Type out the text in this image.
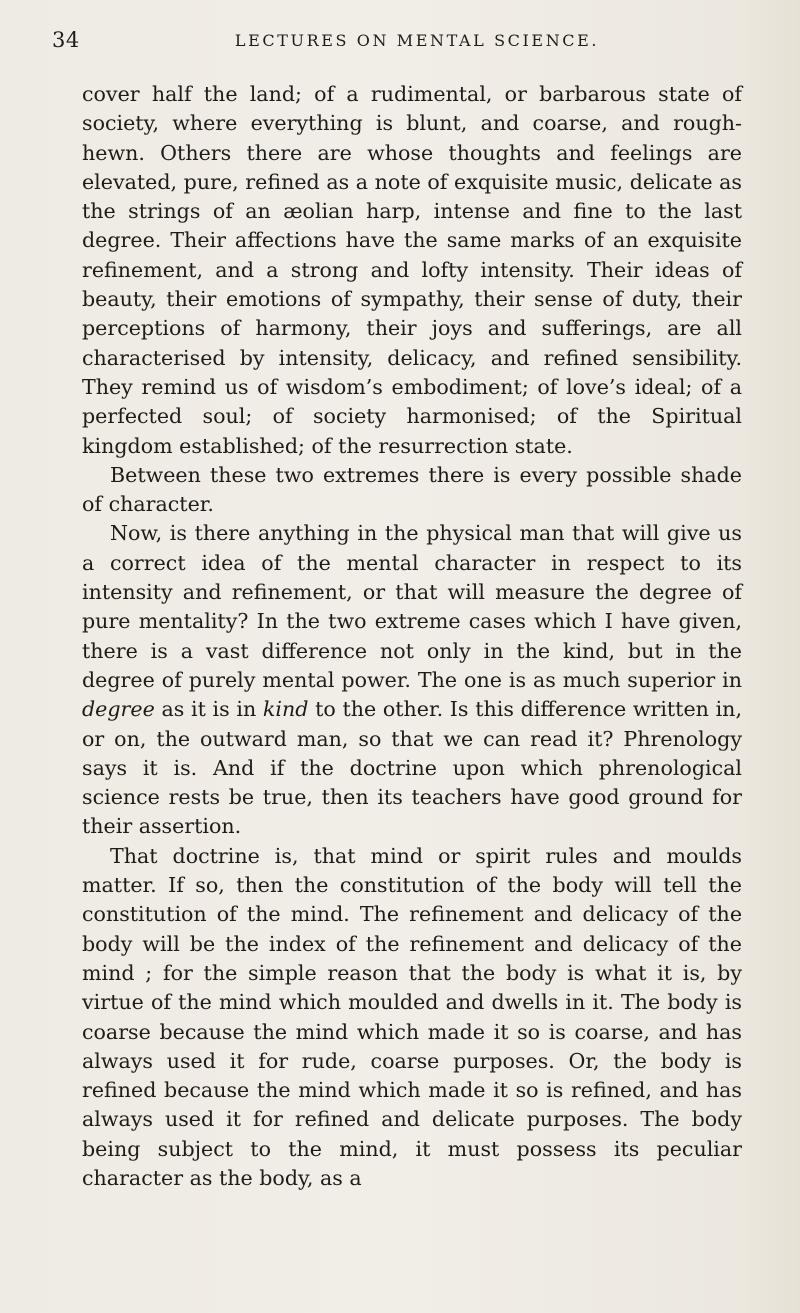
34	LECTURES ON MENTAL SCIENCE.

cover half the land; of a rudimental, or barbarous state of society, where everything is blunt, and coarse, and rough-hewn. Others there are whose thoughts and feelings are elevated, pure, refined as a note of exquisite music, delicate as the strings of an æolian harp, intense and fine to the last degree. Their affections have the same marks of an exquisite refinement, and a strong and lofty intensity. Their ideas of beauty, their emotions of sympathy, their sense of duty, their perceptions of harmony, their joys and sufferings, are all characterised by intensity, delicacy, and refined sensibility. They remind us of wisdom’s embodiment; of love’s ideal; of a perfected soul; of society harmonised; of the Spiritual kingdom established; of the resurrection state.

Between these two extremes there is every possible shade of character.

Now, is there anything in the physical man that will give us a correct idea of the mental character in respect to its intensity and refinement, or that will measure the degree of pure mentality? In the two extreme cases which I have given, there is a vast difference not only in the kind, but in the degree of purely mental power. The one is as much superior in degree as it is in kind to the other. Is this difference written in, or on, the outward man, so that we can read it? Phrenology says it is. And if the doctrine upon which phrenological science rests be true, then its teachers have good ground for their assertion.

That doctrine is, that mind or spirit rules and moulds matter. If so, then the constitution of the body will tell the constitution of the mind. The refinement and delicacy of the body will be the index of the refinement and delicacy of the mind ; for the simple reason that the body is what it is, by virtue of the mind which moulded and dwells in it. The body is coarse because the mind which made it so is coarse, and has always used it for rude, coarse purposes. Or, the body is refined because the mind which made it so is refined, and has always used it for refined and delicate purposes. The body being subject to the mind, it must possess its peculiar character as the body, as a
